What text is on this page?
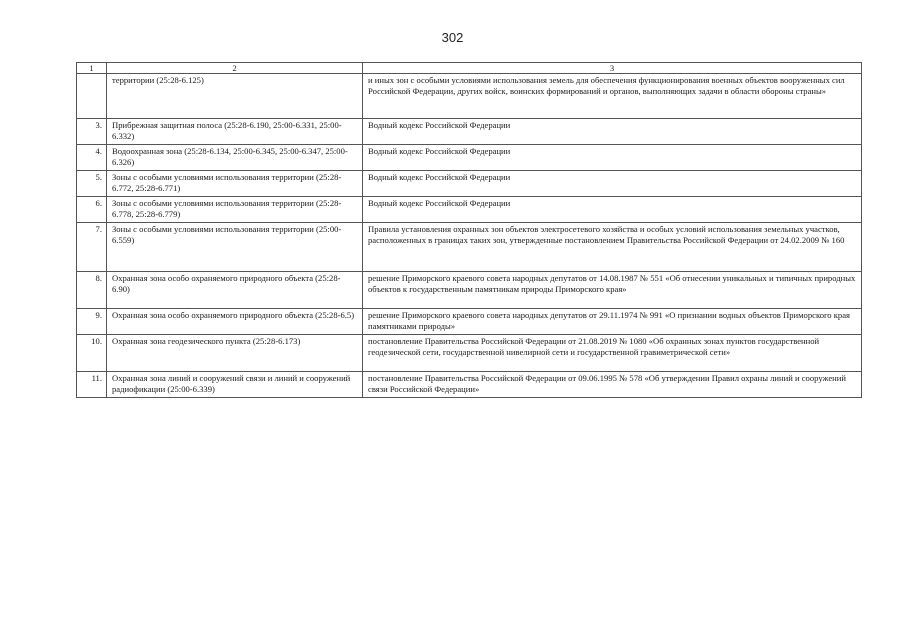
302
1	2	3
	территории (25:28-6.125)	и иных зон с особыми условиями использования земель для обеспечения функционирования военных объектов вооруженных сил Российской Федерации, других войск, воинских формирований и органов, выполняющих задачи в области обороны страны»
3.	Прибрежная защитная полоса (25:28-6.190, 25:00-6.331, 25:00-6.332)	Водный кодекс Российской Федерации
4.	Водоохранная зона (25:28-6.134, 25:00-6.345, 25:00-6.347, 25:00-6.326)	Водный кодекс Российской Федерации
5.	Зоны с особыми условиями использования территории (25:28-6.772, 25:28-6.771)	Водный кодекс Российской Федерации
6.	Зоны с особыми условиями использования территории (25:28-6.778, 25:28-6.779)	Водный кодекс Российской Федерации
7.	Зоны с особыми условиями использования территории (25:00-6.559)	Правила установления охранных зон объектов электросетевого хозяйства и особых условий использования земельных участков, расположенных в границах таких зон, утвержденные постановлением Правительства Российской Федерации от 24.02.2009 № 160
8.	Охранная зона особо охраняемого природного объекта (25:28-6.90)	решение Приморского краевого совета народных депутатов от 14.08.1987 № 551 «Об отнесении уникальных и типичных природных объектов к государственным памятникам природы Приморского края»
9.	Охранная зона особо охраняемого природного объекта (25:28-6.5)	решение Приморского краевого совета народных депутатов от 29.11.1974 № 991 «О признании водных объектов Приморского края памятниками природы»
10.	Охранная зона геодезического пункта (25:28-6.173)	постановление Правительства Российской Федерации от 21.08.2019 № 1080 «Об охранных зонах пунктов государственной геодезической сети, государственной нивелирной сети и государственной гравиметрической сети»
11.	Охранная зона линий и сооружений связи и линий и сооружений радиофикации (25:00-6.339)	постановление Правительства Российской Федерации от 09.06.1995 № 578 «Об утверждении Правил охраны линий и сооружений связи Российской Федерации»
